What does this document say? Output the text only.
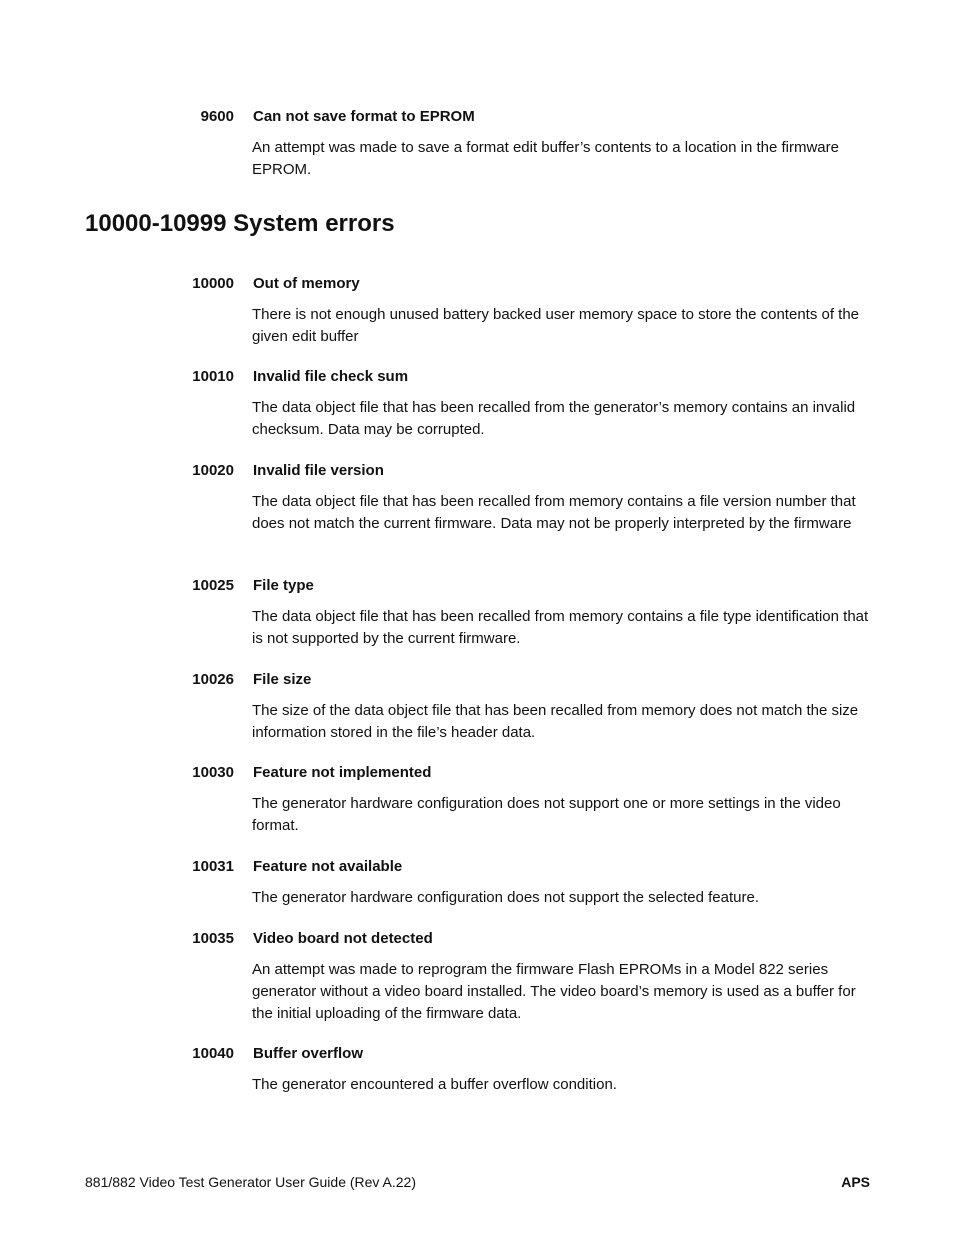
9600 Can not save format to EPROM

An attempt was made to save a format edit buffer’s contents to a location in the firmware EPROM.

10000-10999 System errors
10000 Out of memory

There is not enough unused battery backed user memory space to store the contents of the given edit buffer

10010 Invalid file check sum

The data object file that has been recalled from the generator’s memory contains an invalid checksum. Data may be corrupted.

10020 Invalid file version

The data object file that has been recalled from memory contains a file version number that does not match the current firmware. Data may not be properly interpreted by the firmware

10025 File type

The data object file that has been recalled from memory contains a file type identification that is not supported by the current firmware.

10026 File size

The size of the data object file that has been recalled from memory does not match the size information stored in the file’s header data.

10030 Feature not implemented

The generator hardware configuration does not support one or more settings in the video format.

10031 Feature not available

The generator hardware configuration does not support the selected feature.

10035 Video board not detected

An attempt was made to reprogram the firmware Flash EPROMs in a Model 822 series generator without a video board installed. The video board’s memory is used as a buffer for the initial uploading of the firmware data.

10040 Buffer overflow

The generator encountered a buffer overflow condition.

881/882 Video Test Generator User Guide (Rev A.22)	APS
